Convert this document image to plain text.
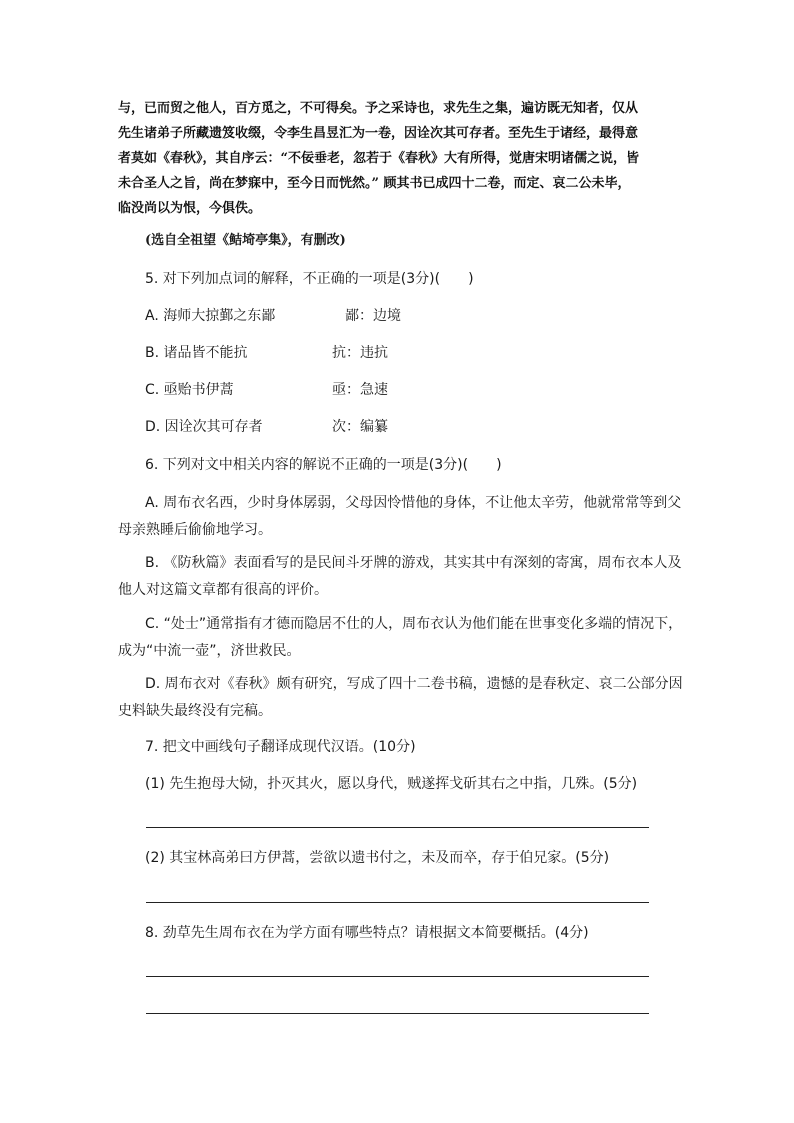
与，已而贸之他人，百方觅之，不可得矣。予之采诗也，求先生之集，遍访既无知者，仅从

先生诸弟子所藏遗笈收缀，令李生昌昱汇为一卷，因诠次其可存者。至先生于诸经，最得意

者莫如《春秋》，其自序云：“不佞垂老，忽若于《春秋》大有所得，觉唐宋明诸儒之说，皆

未合圣人之旨，尚在梦寐中，至今日而恍然。” 顾其书已成四十二卷，而定、哀二公未毕，

临没尚以为恨，今俱佚。

(选自全祖望《鲒埼亭集》，有删改)
5. 对下列加点词的解释，不正确的一项是(3分)(　　)
A. 海师大掠鄞之东鄙	鄙：边境
B. 诸品皆不能抗	抗：违抗
C. 亟贻书伊蒿	亟：急速
D. 因诠次其可存者	次：编纂
6. 下列对文中相关内容的解说不正确的一项是(3分)(　　)
A. 周布衣名西，少时身体孱弱，父母因怜惜他的身体，不让他太辛劳，他就常常等到父
母亲熟睡后偷偷地学习。
B. 《防秋篇》表面看写的是民间斗牙牌的游戏，其实其中有深刻的寄寓，周布衣本人及
他人对这篇文章都有很高的评价。
C. “处士”通常指有才德而隐居不仕的人，周布衣认为他们能在世事变化多端的情况下，
成为“中流一壶”，济世救民。
D. 周布衣对《春秋》颇有研究，写成了四十二卷书稿，遗憾的是春秋定、哀二公部分因
史料缺失最终没有完稿。
7. 把文中画线句子翻译成现代汉语。(10分)
(1) 先生抱母大恸，扑灭其火，愿以身代，贼遂挥戈斫其右之中指，几殊。(5分)
(2) 其宝林高弟曰方伊蒿，尝欲以遗书付之，未及而卒，存于伯兄家。(5分)
8. 劲草先生周布衣在为学方面有哪些特点？请根据文本简要概括。(4分)
